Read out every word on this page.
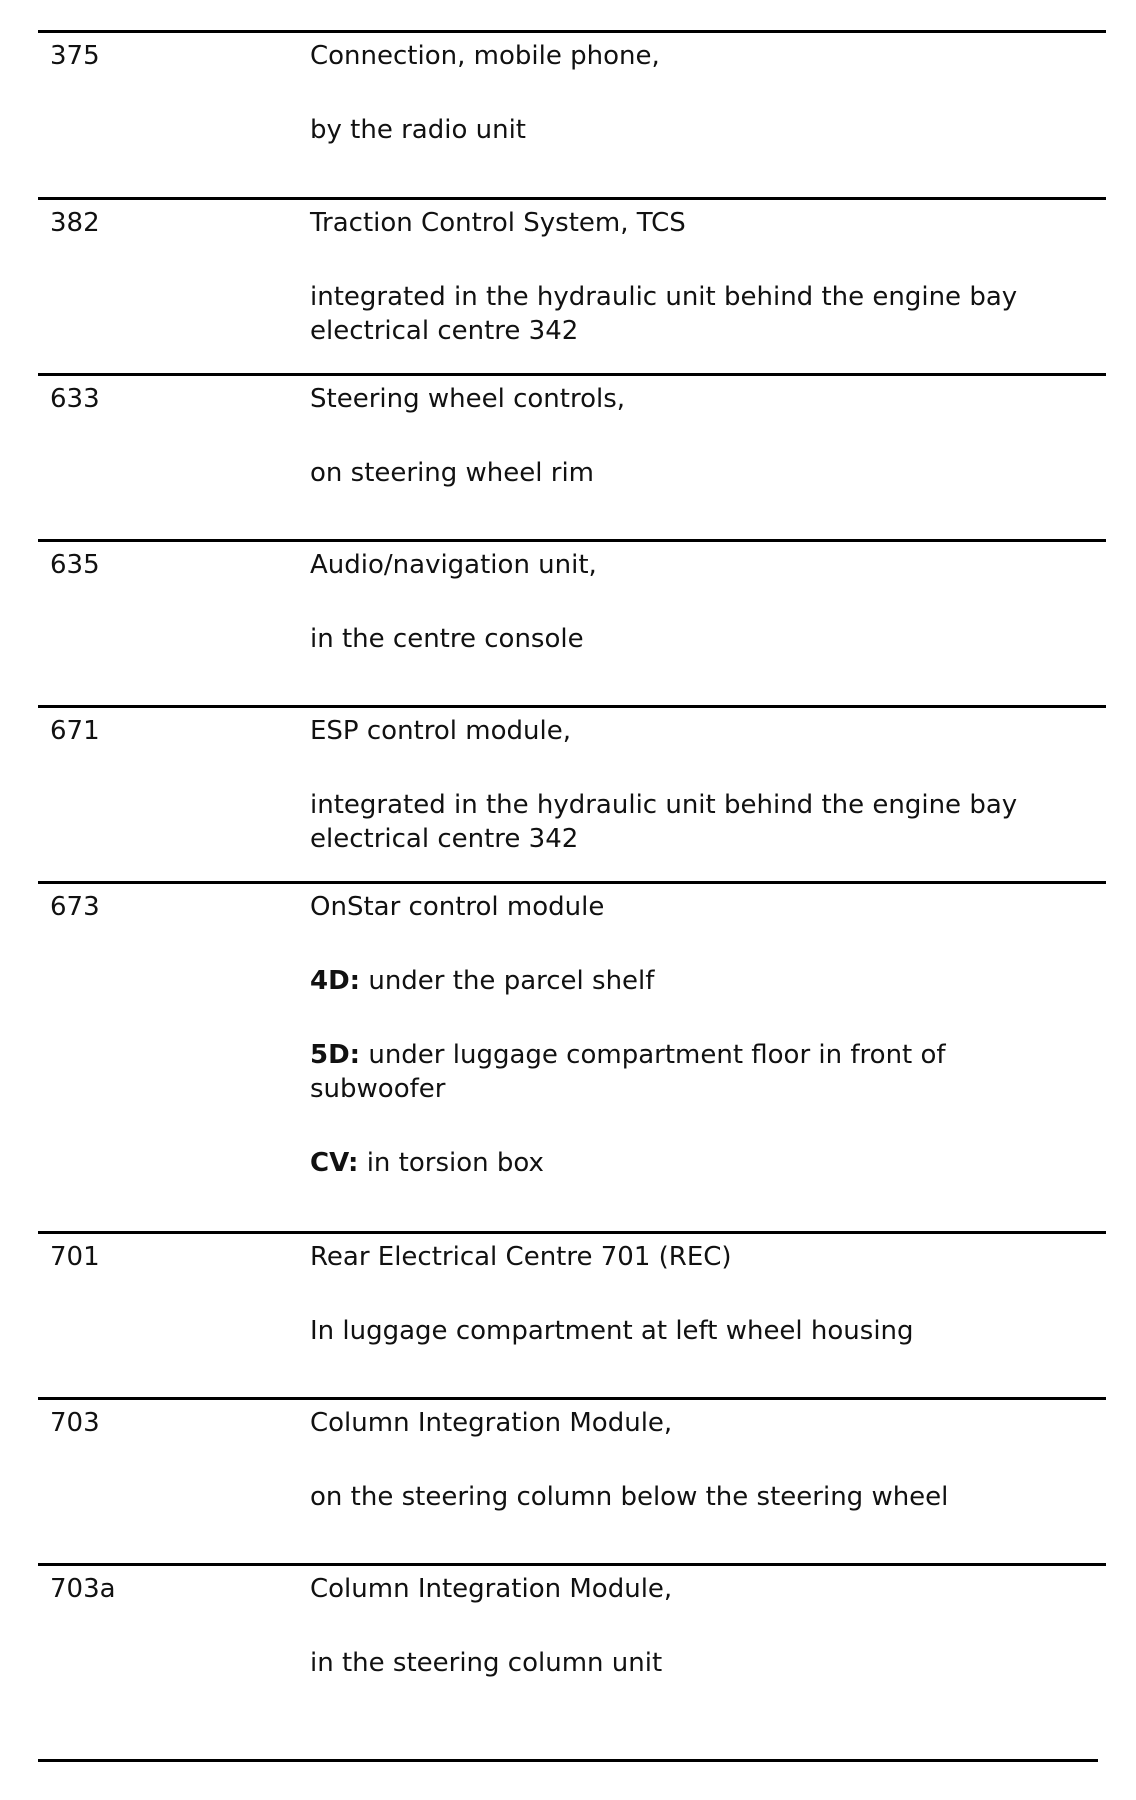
375	Connection, mobile phone,
by the radio unit
382	Traction Control System, TCS
integrated in the hydraulic unit behind the engine bay electrical centre 342
633	Steering wheel controls,
on steering wheel rim
635	Audio/navigation unit,
in the centre console
671	ESP control module,
integrated in the hydraulic unit behind the engine bay electrical centre 342
673	OnStar control module
4D: under the parcel shelf
5D: under luggage compartment floor in front of subwoofer
CV: in torsion box
701	Rear Electrical Centre 701 (REC)
In luggage compartment at left wheel housing
703	Column Integration Module,
on the steering column below the steering wheel
703a	Column Integration Module,
in the steering column unit
